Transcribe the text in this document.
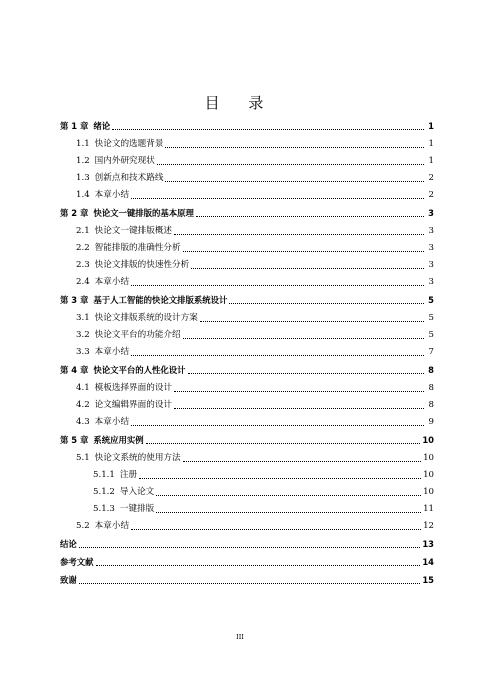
目 录
第 1 章 绪论	1
1.1 快论文的选题背景	1
1.2 国内外研究现状	1
1.3 创新点和技术路线	2
1.4 本章小结	2
第 2 章 快论文一键排版的基本原理	3
2.1 快论文一键排版概述	3
2.2 智能排版的准确性分析	3
2.3 快论文排版的快速性分析	3
2.4 本章小结	3
第 3 章 基于人工智能的快论文排版系统设计	5
3.1 快论文排版系统的设计方案	5
3.2 快论文平台的功能介绍	5
3.3 本章小结	7
第 4 章 快论文平台的人性化设计	8
4.1 模板选择界面的设计	8
4.2 论文编辑界面的设计	8
4.3 本章小结	9
第 5 章 系统应用实例	10
5.1 快论文系统的使用方法	10
5.1.1 注册	10
5.1.2 导入论文	10
5.1.3 一键排版	11
5.2 本章小结	12
结论	13
参考文献	14
致谢	15
III
